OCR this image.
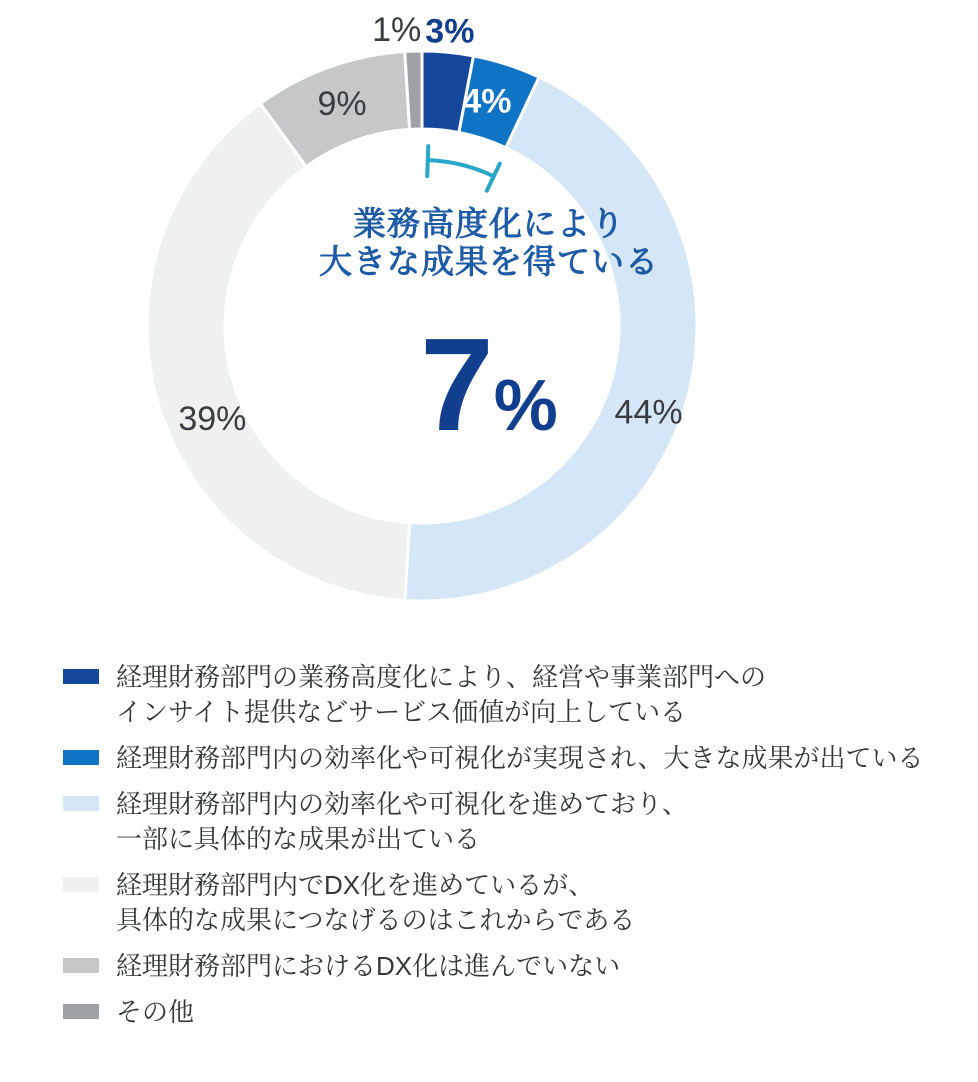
3%
4%
44%
39%
9%
1%
業務高度化により
大きな成果を得ている
7%
経理財務部門の業務高度化により、経営や事業部門への
インサイト提供などサービス価値が向上している
経理財務部門内の効率化や可視化が実現され、大きな成果が出ている
経理財務部門内の効率化や可視化を進めており、
一部に具体的な成果が出ている
経理財務部門内でDX化を進めているが、
具体的な成果につなげるのはこれからである
経理財務部門におけるDX化は進んでいない
その他
